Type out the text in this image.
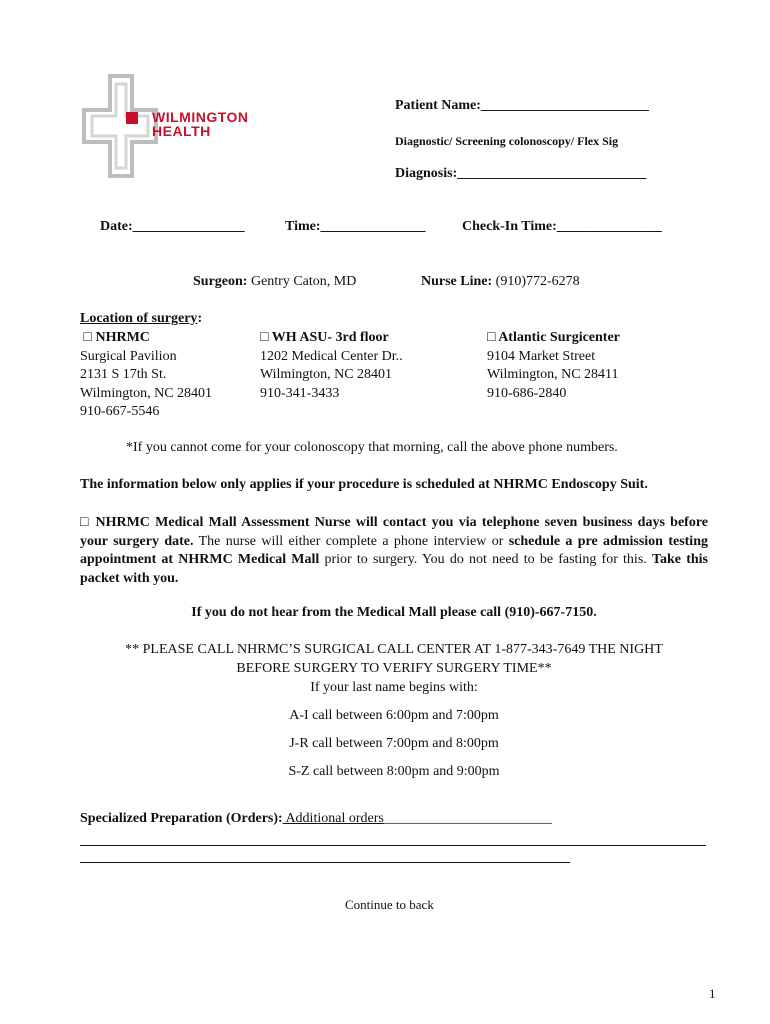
WILMINGTON
HEALTH
Patient Name:________________________
Diagnostic/ Screening colonoscopy/ Flex Sig
Diagnosis:___________________________
Date:________________	Time:_______________	Check-In Time:_______________
Surgeon: Gentry Caton, MD	Nurse Line: (910)772-6278
Location of surgery:
□ NHRMC
Surgical Pavilion
2131 S 17th St.
Wilmington, NC 28401
910-667-5546
□ WH ASU- 3rd floor
1202 Medical Center Dr..
Wilmington, NC 28401
910-341-3433
□ Atlantic Surgicenter
9104 Market Street
Wilmington, NC 28411
910-686-2840
*If you cannot come for your colonoscopy that morning, call the above phone numbers.
The information below only applies if your procedure is scheduled at NHRMC Endoscopy Suit.
□ NHRMC Medical Mall Assessment Nurse will contact you via telephone seven business days before your surgery date. The nurse will either complete a phone interview or schedule a pre admission testing appointment at NHRMC Medical Mall prior to surgery. You do not need to be fasting for this. Take this packet with you.
If you do not hear from the Medical Mall please call (910)-667-7150.
** PLEASE CALL NHRMC’S SURGICAL CALL CENTER AT 1-877-343-7649 THE NIGHT
BEFORE SURGERY TO VERIFY SURGERY TIME**
If your last name begins with:
A-I call between 6:00pm and 7:00pm
J-R call between 7:00pm and 8:00pm
S-Z call between 8:00pm and 9:00pm
Specialized Preparation (Orders): Additional orders________________________
Continue to back
1
